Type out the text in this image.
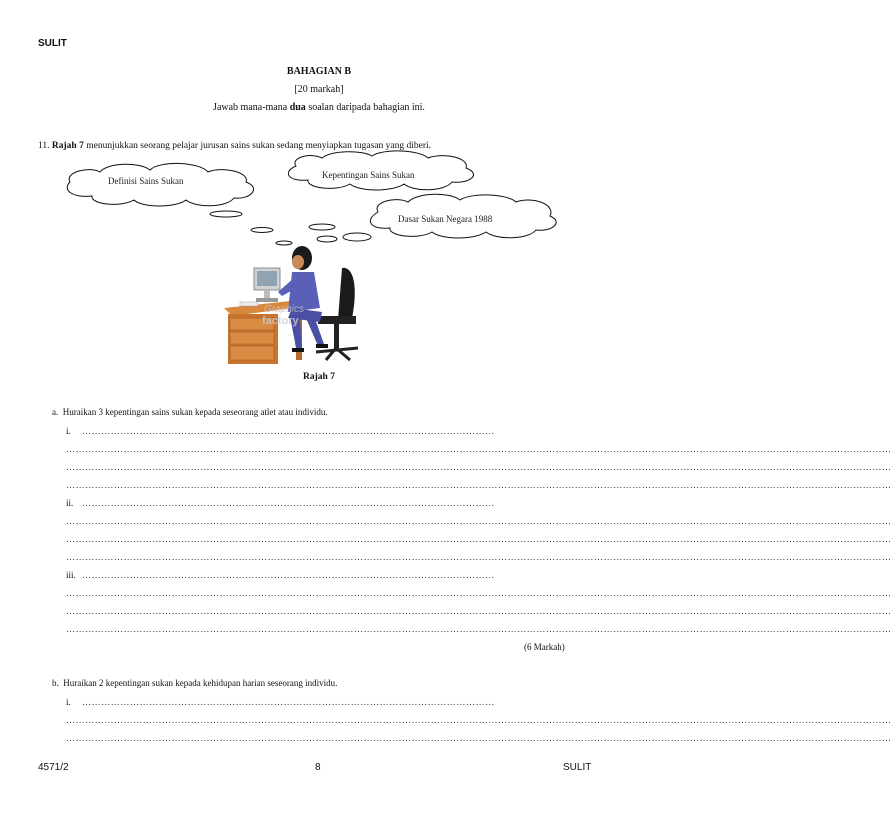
SULIT
BAHAGIAN B
[20 markah]
Jawab mana-mana dua soalan daripada bahagian ini.
11. Rajah 7 menunjukkan seorang pelajar jurusan sains sukan sedang menyiapkan tugasan yang diberi.
Definisi Sains Sukan
Kepentingan Sains Sukan
Dasar Sukan Negara 1988
Graphics
factory
Rajah 7
a. Huraikan 3 kepentingan sains sukan kepada seseorang atlet atau individu.
i. …………………………………………………………………………………………………………………
……………………………………………………………………………………………………………………………………………………………………………………………………………………………………
……………………………………………………………………………………………………………………………………………………………………………………………………………………………………
……………………………………………………………………………………………………………………………………………………………………………………………………………………………………
ii. …………………………………………………………………………………………………………………
……………………………………………………………………………………………………………………………………………………………………………………………………………………………………
……………………………………………………………………………………………………………………………………………………………………………………………………………………………………
……………………………………………………………………………………………………………………………………………………………………………………………………………………………………
iii. …………………………………………………………………………………………………………………
……………………………………………………………………………………………………………………………………………………………………………………………………………………………………
……………………………………………………………………………………………………………………………………………………………………………………………………………………………………
……………………………………………………………………………………………………………………………………………………………………………………………………………………………………
(6 Markah)
b. Huraikan 2 kepentingan sukan kepada kehidupan harian seseorang individu.
i. …………………………………………………………………………………………………………………
……………………………………………………………………………………………………………………………………………………………………………………………………………………………………
……………………………………………………………………………………………………………………………………………………………………………………………………………………………………
4571/2	8	SULIT
